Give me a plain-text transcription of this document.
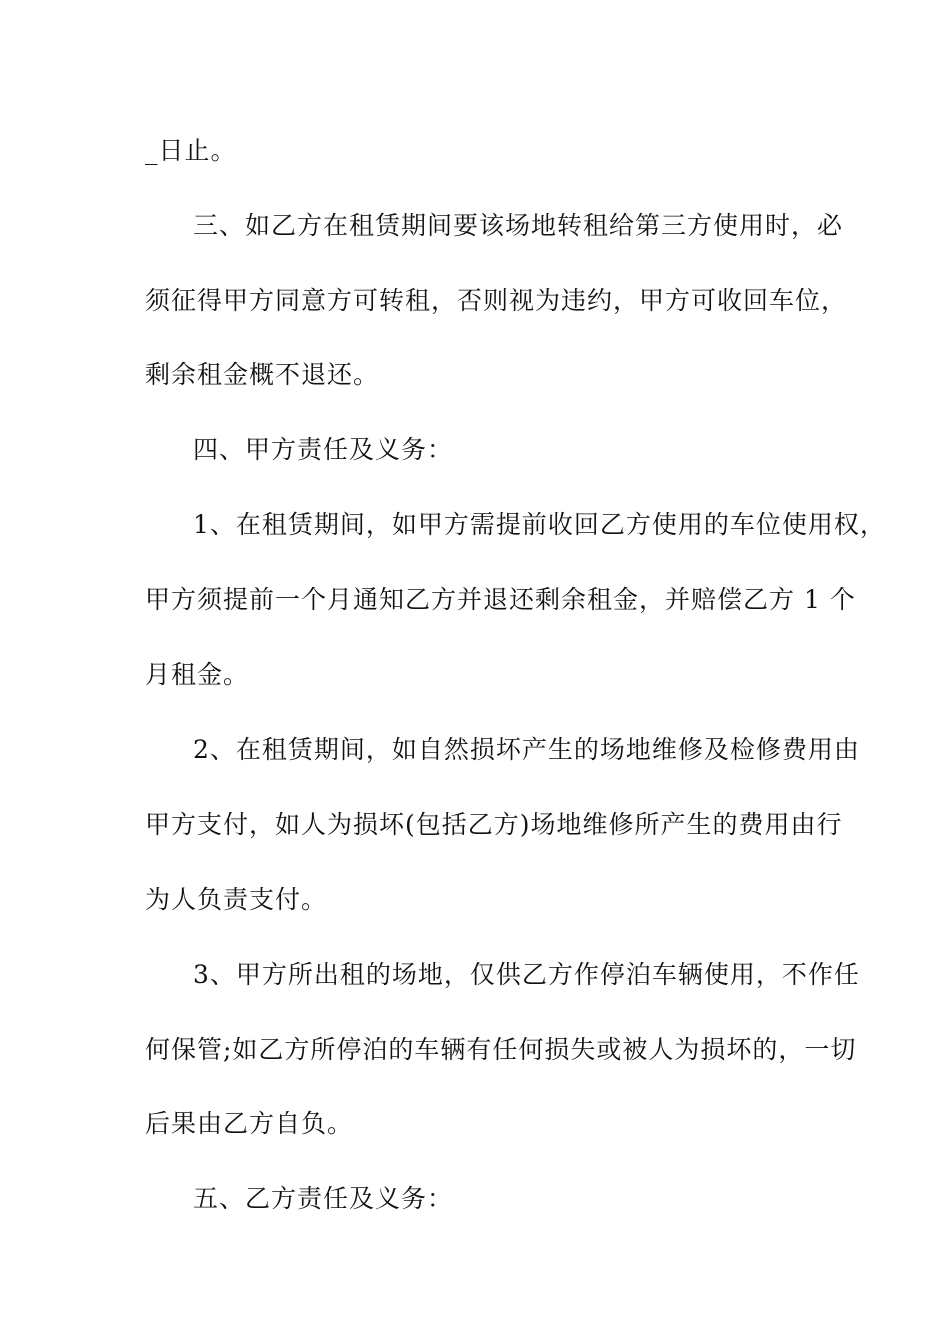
_日止。
三、如乙方在租赁期间要该场地转租给第三方使用时，必
须征得甲方同意方可转租，否则视为违约，甲方可收回车位，
剩余租金概不退还。
四、甲方责任及义务：
1、在租赁期间，如甲方需提前收回乙方使用的车位使用权，
甲方须提前一个月通知乙方并退还剩余租金，并赔偿乙方 1 个
月租金。
2、在租赁期间，如自然损坏产生的场地维修及检修费用由
甲方支付，如人为损坏(包括乙方)场地维修所产生的费用由行
为人负责支付。
3、甲方所出租的场地，仅供乙方作停泊车辆使用，不作任
何保管;如乙方所停泊的车辆有任何损失或被人为损坏的，一切
后果由乙方自负。
五、乙方责任及义务：
